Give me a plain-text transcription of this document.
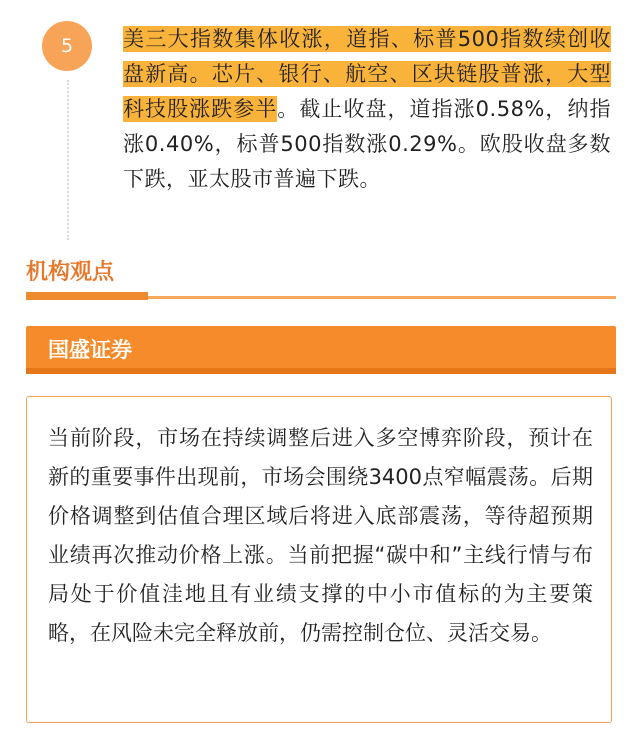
5	美三大指数集体收涨，道指、标普500指数续创收盘新高。芯片、银行、航空、区块链股普涨，大型科技股涨跌参半。截止收盘，道指涨0.58%，纳指涨0.40%，标普500指数涨0.29%。欧股收盘多数下跌，亚太股市普遍下跌。

机构观点
国盛证券

当前阶段，市场在持续调整后进入多空博弈阶段，预计在新的重要事件出现前，市场会围绕3400点窄幅震荡。后期价格调整到估值合理区域后将进入底部震荡，等待超预期业绩再次推动价格上涨。当前把握“碳中和”主线行情与布局处于价值洼地且有业绩支撑的中小市值标的为主要策略，在风险未完全释放前，仍需控制仓位、灵活交易。
